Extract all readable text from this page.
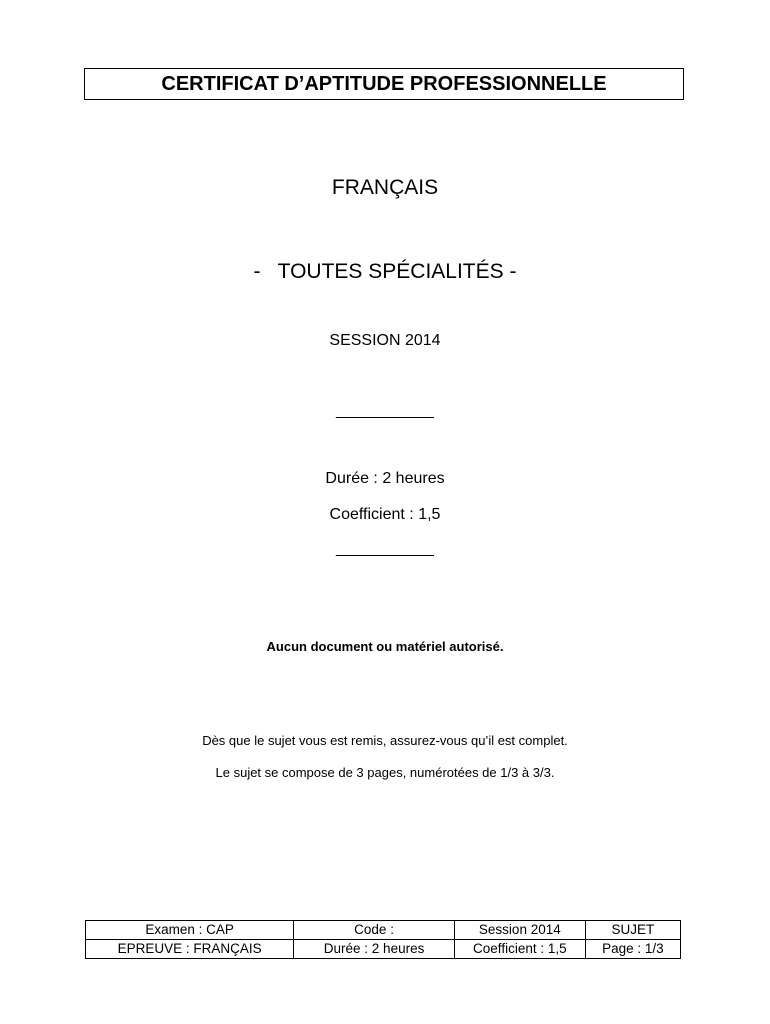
CERTIFICAT D’APTITUDE PROFESSIONNELLE
FRANÇAIS
-   TOUTES SPÉCIALITÉS -
SESSION 2014
___________
Durée : 2 heures
Coefficient : 1,5
___________
Aucun document ou matériel autorisé.
Dès que le sujet vous est remis, assurez-vous qu’il est complet.
Le sujet se compose de 3 pages, numérotées de 1/3 à 3/3.
Examen : CAP	Code :	Session 2014	SUJET
EPREUVE : FRANÇAIS	Durée : 2 heures	Coefficient : 1,5	Page : 1/3
